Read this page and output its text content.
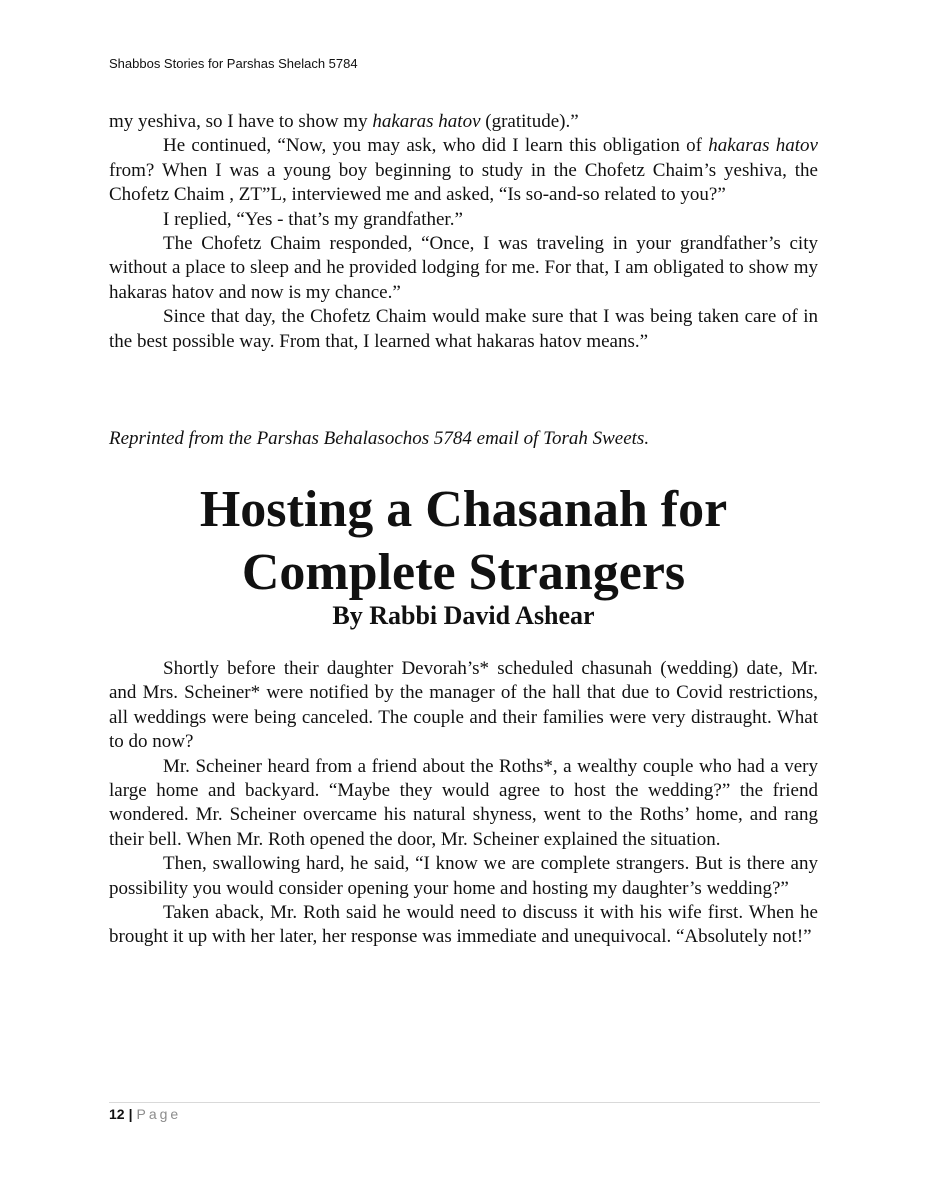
Shabbos Stories for Parshas Shelach 5784

my yeshiva, so I have to show my hakaras hatov (gratitude).”

He continued, “Now, you may ask, who did I learn this obligation of hakaras hatov from? When I was a young boy beginning to study in the Chofetz Chaim’s yeshiva, the Chofetz Chaim , ZT”L, interviewed me and asked, “Is so-and-so related to you?”

I replied, “Yes - that’s my grandfather.”

The Chofetz Chaim responded, “Once, I was traveling in your grandfather’s city without a place to sleep and he provided lodging for me. For that, I am obligated to show my hakaras hatov and now is my chance.”

Since that day, the Chofetz Chaim would make sure that I was being taken care of in the best possible way. From that, I learned what hakaras hatov means.”

Reprinted from the Parshas Behalasochos 5784 email of Torah Sweets.

Hosting a Chasanah for
Complete Strangers
By Rabbi David Ashear

Shortly before their daughter Devorah’s* scheduled chasunah (wedding) date, Mr. and Mrs. Scheiner* were notified by the manager of the hall that due to Covid restrictions, all weddings were being canceled. The couple and their families were very distraught. What to do now?

Mr. Scheiner heard from a friend about the Roths*, a wealthy couple who had a very large home and backyard. “Maybe they would agree to host the wedding?” the friend wondered. Mr. Scheiner overcame his natural shyness, went to the Roths’ home, and rang their bell. When Mr. Roth opened the door, Mr. Scheiner explained the situation.

Then, swallowing hard, he said, “I know we are complete strangers. But is there any possibility you would consider opening your home and hosting my daughter’s wedding?”

Taken aback, Mr. Roth said he would need to discuss it with his wife first. When he brought it up with her later, her response was immediate and unequivocal. “Absolutely not!”

12 | Page
